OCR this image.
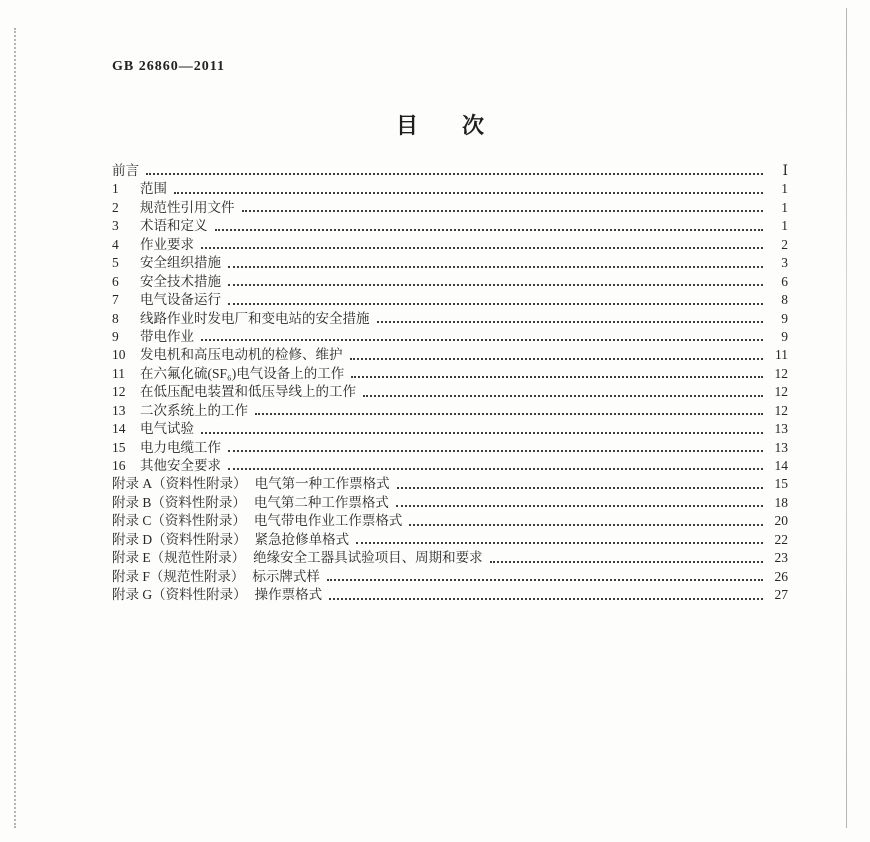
GB 26860—2011
目　　次
前言	Ⅰ
1	范围	1
2	规范性引用文件	1
3	术语和定义	1
4	作业要求	2
5	安全组织措施	3
6	安全技术措施	6
7	电气设备运行	8
8	线路作业时发电厂和变电站的安全措施	9
9	带电作业	9
10	发电机和高压电动机的检修、维护	11
11	在六氟化硫(SF₆)电气设备上的工作	12
12	在低压配电装置和低压导线上的工作	12
13	二次系统上的工作	12
14	电气试验	13
15	电力电缆工作	13
16	其他安全要求	14
附录 A（资料性附录） 电气第一种工作票格式	15
附录 B（资料性附录） 电气第二种工作票格式	18
附录 C（资料性附录） 电气带电作业工作票格式	20
附录 D（资料性附录） 紧急抢修单格式	22
附录 E（规范性附录） 绝缘安全工器具试验项目、周期和要求	23
附录 F（规范性附录） 标示牌式样	26
附录 G（资料性附录） 操作票格式	27
